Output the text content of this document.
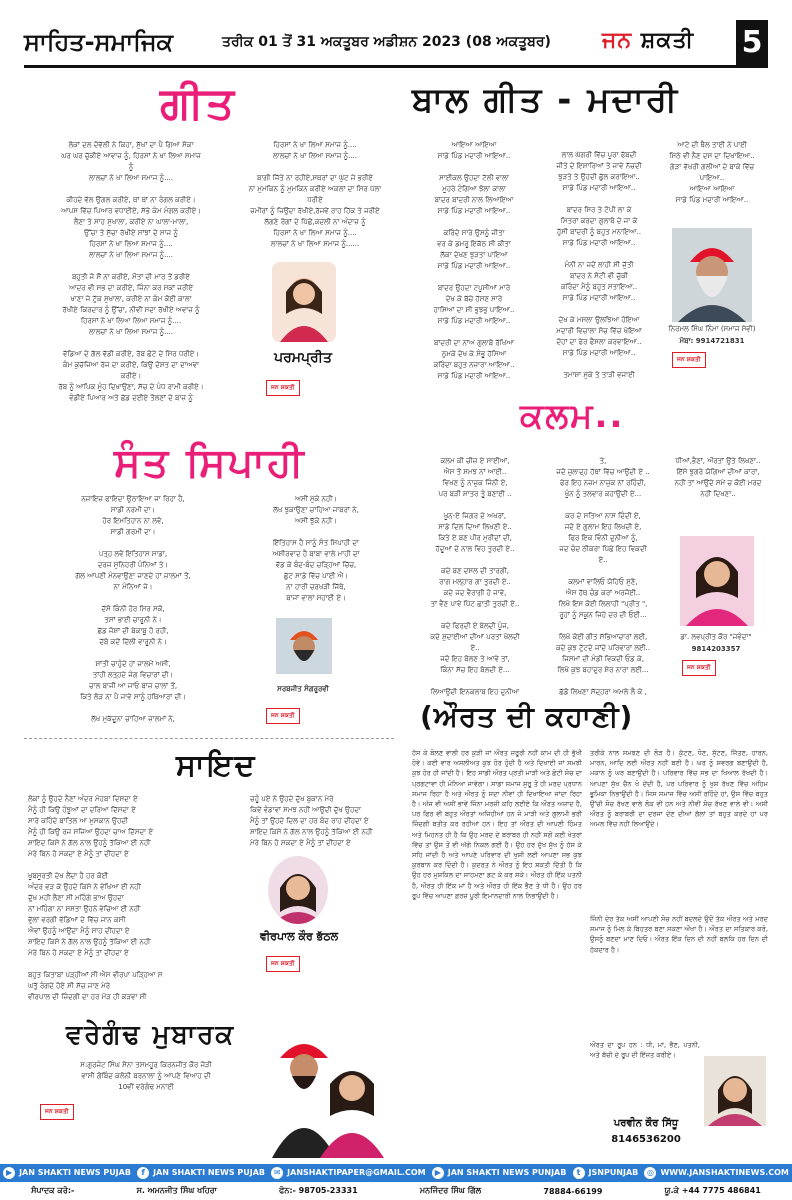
ਸਾਹਿਤ-ਸਮਾਜਿਕ	ਤਰੀਕ 01 ਤੋਂ 31 ਅਕਤੂਬਰ ਅਡੀਸ਼ਨ 2023 (08 ਅਕਤੂਬਰ) ਜਨ ਸ਼ਕਤੀ 5
ਗੀਤ
ਲੋਕਾਂ ਦਲ ਦੋਵੱਲੀ ਨੇ ਕਿਹਾ, ਸੁੱਖਾਂ ਦਾ ਪੈ ਗਿਆ ਸੋਕਾ
ਘਰ ਘਰ ਚੁੱਕੀਏ ਆਵਾਜ਼ ਨੂੰ, ਹਿਰਸਾਂ ਨੇ ਖਾ ਲਿਆ ਸਮਾਜ
ਨੂੰ
ਲਾਲਚਾਂ ਨੇ ਖਾ ਲਿਆ ਸਮਾਜ ਨੂੰ....

ਕੀਹਦੇ ਵੱਲ ਉਂਗਲ ਕਰੀਏ, ਥਾਂ ਥਾਂ ਨਾ ਰੰਗਲ ਕਰੀਏ।
ਆਪਸ ਵਿੱਚ ਪਿਆਰ ਵਧਾਈਏ, ਸੱਭੇ ਕੰਮ ਮੰਗਲ ਕਰੀਏ।
ਲੈਣਾ ਤੇ ਸਾਹ ਸੁਖਾਲਾ, ਕਰੀਏ ਨਾ ਘਾਲਾ-ਮਾਲਾ,
ਉੱਚਾ ਤੇ ਸੁੱਚਾ ਰੱਖੀਏ ਸਾਂਝਾਂ ਦੇ ਸਾਜ ਨੂੰ
ਹਿਰਸਾਂ ਨੇ ਖਾ ਲਿਆ ਸਮਾਜ ਨੂੰ....
ਲਾਲਚਾਂ ਨੇ ਖਾ ਲਿਆ ਸਮਾਜ ਨੂੰ....

ਬਹੁਤੀ ਜੋ ਸੌਂ ਨਾ ਕਰੀਏ, ਮੌਤਾਂ ਦੀ ਮਾਰ ਤੋਂ ਡਰੀਏ
ਆਦਰ ਵੀ ਸਭ ਦਾ ਕਰੀਏ, ਜਿੰਨਾ ਕਰ ਸਕਾਂ ਜਰੀਏ
ਖਾਣਾ ਜੇ ਟੁੱਕ ਸੁਖਾਲਾ, ਕਰੀਏ ਨਾ ਕੰਮ ਕੋਈ ਕਾਲਾ
ਰੱਖੀਏ ਕਿਰਦਾਰ ਨੂੰ ਉੱਚਾ, ਨੀਵੀਂ ਸਦਾ ਰੱਖੀਏ ਅਵਾਜ਼ ਨੂੰ
ਹਿਰਸਾਂ ਨੇ ਖਾ ਲਿਆ ਲਿਆ ਸਮਾਜ ਨੂੰ....
ਲਾਲਚਾਂ ਨੇ ਖਾ ਲਿਆ ਸਮਾਜ ਨੂੰ....

ਵੱਡਿਆ ਦੇ ਗੱਲ ਵੱਡੀ ਕਰੀਏ, ਰੱਬ ਛੋਟੇ ਦੇ ਸਿਰ ਧਰੀਏ।
ਕੰਮ ਕੁਚੱਜਿਆ ਰੱਜ ਦਾ ਕਰੀਏ, ਕਿਉਂ ਦੋਸ਼ਤ ਦਾ ਦਾਅਵਾ
ਕਰੀਏ।
ਰੱਬ ਨੂੰ ਆਪਿਕ ਮੂੰਹ ਦਿਖਾਉਣਾ, ਸੱਚ ਦੇ ਪੰਧ ਰਾਮੀ ਕਰੀਏ।
ਵੰਡੀਏ ਪਿਆਰ ਅਤੇ ਛੱਡ ਦਈਏ ਤੋਲਣਾਂ ਦੇ ਬਾਜ਼ ਨੂੰ
ਹਿਰਸਾਂ ਨੇ ਖਾ ਲਿਆ ਸਮਾਜ ਨੂੰ....
ਲਾਲਚਾਂ ਨੇ ਖਾ ਲਿਆ ਸਮਾਜ ਨੂੰ....

ਬਾਗੀ ਜਿੱਤੇ ਨਾ ਰਹੀਏ,ਸਥਰਾਂ ਦਾ ਘੁੱਟ ਜੇ ਭਰੀਏ
ਨਾ ਮੁਮਕਿਨ ਨੂੰ ਮੁਮਕਿਨ ਕਰੀਏ ਅਕਲਾਂ ਦਾ ਸਿਰ ਪੱਲਾ
ਧਰੀਏ
ਜ਼ਮੀਰਾਂ ਨੂੰ ਜਿਉਂਦਾ ਰੱਖੀਏ,ਰੱਜਵੇਂ ਰਾਹ ਹਿੱਕ ਤੇ ਜਰੀਏ
ਲੱਗਣੇ ਰੋਗਾਂ ਦੇ ਪਿੱਛੋਂ,ਕਦਲੀ ਨਾ ਅੰਦਾਜ਼ ਨੂੰ
ਹਿਰਸਾਂ ਨੇ ਖਾ ਲਿਆ ਸਮਾਜ ਨੂੰ....
ਲਾਲਚਾਂ ਨੇ ਖਾ ਲਿਆ ਸਮਾਜ ਨੂੰ......
ਪਰਮਪ੍ਰੀਤ
ਜਨ ਸ਼ਕਤੀ
ਬਾਲ ਗੀਤ - ਮਦਾਰੀ
ਆਇਆ ਆਇਆ
ਸਾਡੇ ਪਿੰਡ ਮਦਾਰੀ ਆਇਆ..

ਸਾਈਕਲ ਉਹਦਾ ਟੱਲੀ ਵਾਲਾ
ਮੂਹਰੇ ਟੰਗਿਆ ਝੋਲਾ ਕਾਲਾ
ਬਾਂਦਰ ਬਾਂਦਰੀ ਨਾਲ ਲਿਆਇਆ
ਸਾਡੇ ਪਿੰਡ ਮਦਾਰੀ ਆਇਆ..

ਕਰਿੰਦੇ ਸਾਰੇ ਉਸਨੂੰ ਜੀਤਾ
ਵਰ ਕੇ ਡਮਰੂ ਇਕੱਠ ਸੀ ਕੀਤਾ
ਲੱਕਾ ਦੇਖਣ ਝੁੜਤਾ ਪਾਇਆ
ਸਾਡੇ ਪਿੰਡ ਮਦਾਰੀ ਆਇਆ..

ਬਾਂਦਰ ਉਹਦਾ ਟਪੂਸੀਆਂ ਮਾਰੇ
ਦੇਖ ਕੇ ਬੱਚੇ ਹੱਸਣ ਸਾਰੇ
ਹਾਸਿਆਂ ਦਾ ਸੀ ਭੁਝਭੁ ਪਾਇਆ..
ਸਾਡੇ ਪਿੰਡ ਮਦਾਰੀ ਆਇਆ..

ਬਾਂਦਰੀ ਦਾ ਨਾਂਅ ਗੁਲਾਬੋ ਰੱਖਿਆ
ਠੁਮਕੇ ਦੇਖ ਕੇ ਸੰਭੂ ਹੱਸਿਆ
ਕਰਿੰਦਾ ਬਹੁਤ ਨਜ਼ਾਰਾ ਆਇਆ..
ਸਾਡੇ ਪਿੰਡ ਮਦਾਰੀ ਆਇਆ..
ਲਾਲ ਘੱਗਰੀ ਵਿੱਚ ਪੂਰਾ ਫੱਬਦੀ
ਜੀਤੇ ਦੇ ਇਸ਼ਾਰਿਆਂ ਤੇ ਜਾਵੇ ਨੱਚਦੀ
ਝੁੜਤੇ ਤੇ ਉਹਦੀ ਛੁੱਲ ਕਰਾਇਆ..
ਸਾਡੇ ਪਿੰਡ ਮਦਾਰੀ ਆਇਆ..

ਬਾਂਦਰ ਸਿਰ ਤੇ ਟੋਪੀ ਲਾ ਕੇ
ਮਿੱਤਰਾਂ ਕਰਦਾ ਗੁਲਾਬੋ ਦੇ ਜਾ ਕੇ
ਹੁੱਸੀ ਬਾਂਦਰੀ ਨੂੰ ਬਹੁਤ ਮਨਾਇਆ..
ਸਾਡੇ ਪਿੰਡ ਮਦਾਰੀ ਆਇਆ..

ਮੰਨੀ ਨਾ ਜਦੋਂ ਲਾਹੀ ਸੀ ਜੁੱਤੀ
ਬਾਂਦਰ ਨੇ ਸੋਟੀ ਵੀ ਚੁੱਕੀ
ਕਰਿੰਦਾ ਮੈਨੂੰ ਬਹੁਤ ਸਤਾਇਆ..
ਸਾਡੇ ਪਿੰਡ ਮਦਾਰੀ ਆਇਆ..

ਦੇਖ ਕੇ ਮਸਲਾ ਉਲਝਿਆ ਹੋਇਆ
ਮਦਾਰੀ ਵਿਚਾਲਾ ਸੋਚ ਵਿੱਚ ਖੋਇਆ
ਦੋਹਾਂ ਦਾ ਫੇਰ ਫੈਸਲਾ ਕਰਵਾਇਆ..
ਸਾਡੇ ਪਿੰਡ ਮਦਾਰੀ ਆਇਆ..

ਤਮਾਸ਼ਾ ਮੁੱਕੇ ਤੇ ਤਾੜੀ ਵਜਾਈ
ਆਟੇ ਦੀ ਥੈਲ ਤਾਈ ਨੇ ਪਾਈ
ਮਿੱਠੇ ਵੀ ਨੈਣ ਦਸ ਦਾ ਦਿਖਾਇਆ..
ਗੇੜਾ ਵੱਖਰੀ ਗਲੀਆਂ ਦੇ ਬਾਕੇ ਵਿੱਚ
ਪਾਇਆ..
ਆਇਆ ਆਇਆ
ਸਾਡੇ ਪਿੰਡ ਮਦਾਰੀ ਆਇਆ..
ਨਿਰਮਲ ਸਿੰਘ ਨਿੰਮਾ (ਸਮਾਜ ਸੇਵੀ)
ਮੋਬਾ: 9914721831
ਜਨ ਸ਼ਕਤੀ
ਸੰਤ ਸਿਪਾਹੀ
ਨਜ਼ਾਇਜ਼ ਫਾਇਦਾ ਉਠਾਇਆ ਜਾ ਰਿਹਾ ਹੈ,
ਸਾਡੀ ਨਰਮੀ ਦਾ।
ਹੋਰ ਇਮਤਿਹਾਨ ਨਾ ਲਵੋ,
ਸਾਡੀ ਗਰਮੀ ਦਾ।

ਪਤ੍ਹ ਲਵੋ ਇਤਿਹਾਸ ਸਾਡਾ,
ਦਰਜ ਸੁਨਿਹਰੀ ਪੰਨਿਆਂ ਤੇ।
ਗੱਲ ਆਪਣੀ ਮੰਨਵਾਉਣਾ ਜਾਣਦੇ ਹਾਂ ਜ਼ਾਲਮਾਂ ਤੋਂ,
ਨਾ ਮੰਨਿਆਂ ਜੇ।

ਦੱਸੋ ਕਿੰਨੀ ਹੋਰ ਸਿਰ ਸਕੋ,
ਤਸਾਂ ਭਾਈ ਚਾਰੂਨੀ ਨੇ।
ਛੱਡ ਜੋਸ਼ਾਂ ਦੀ ਬੇਕਾਬੂ ਹੋ ਰਹੀ,
ਦੱਬੋ ਕਦੋਂ ਦਿੱਲੀ ਵਾਰੂਨੀ ਨੇ।

ਸ਼ਾਂਤੀ ਚਾਹੁੰਦੇ ਹਾਂ ਜ਼ਾਲਮੋਂ ਅਸੀਂ,
ਤਾਂਹੀ ਲਤ੍ਹਦੇ ਜੰਗ ਵਿਚਾਰਾਂ ਦੀ।
ਚਾਲ ਬਾਜੀ ਆ ਜਾਓ ਬਾਜ਼ ਚਾਲਾਂ ਤੋਂ,
ਕਿਤੇ ਲੋੜ ਨਾ ਪੈ ਜਾਵੇ ਸਾਨੂੰ ਹਥਿਆਰਾਂ ਦੀ।

ਲੱਖ ਮੁਕੱਦੂਨਾ ਚਾਹਿਆ ਜ਼ਾਲਮਾਂ ਨੇ,
ਅਸੀਂ ਮੁੱਕੇ ਨਹੀਂ।
ਲੱਖ ਝੁਕਾਉਣਾ ਚਾਹਿਆ ਜਾਬਰਾਂ ਨੇ,
ਅਸੀਂ ਝੁੱਕੇ ਨਹੀਂ।

ਇੱਤਿਹਾਸ ਹੈ ਸਾਨੂੰ ਸੰਤ ਸਿਪਾਹੀ ਦਾ
ਅਸ਼ੀਰਵਾਦ ਹੈ ਬਾਬਾ ਵਾਲੇ ਮਾਹੀ ਦਾ
ਵੱਡ ਕੇ ਬੰਦ-ਬੰਦ ਚੜ੍ਹਿਆਂ ਚਿੱਚ,
ਛੁੱਟ ਸਾਡੇ ਵਿੱਚ ਪਾਈ ਐ।
ਨਾ ਹਾਰੀ ਚਰਖੜੀ ਜਿੱਥੇ,
ਬਾਜਾਂ ਵਾਲਾ ਸਹਾਈ ਏ।
ਸਰਬਜੀਤ ਸੰਗਰੂਰਵੀ
ਜਨ ਸ਼ਕਤੀ
ਕਲਮ..
ਕਲਮ ਕੀ ਚੀਜ਼ ਏ ਸਾਈਆਂ,
ਐਸ ਤੋਂ ਸਮਝ ਨਾਂ ਆਈ..
ਵਿਖਣ ਨੂੰ ਨਾਜ਼ੁਕ ਜਿੰਨੀ ਏ,
ਪਰ ਬੜੀ ਸ਼ਾਤਰ ਤੂੰ ਬਣਾਈ ..

ਖੂਨ-ਏ ਜਿਗਰ ਦੇ ਅਖਰਾਂ,
ਸਾਡੇ ਦਿਲ ਦਿਆਂ ਲਿਖਣੀ ਏ..
ਕਿਤੇ ਏ ਬਣ ਪੀਰ ਮੁਰੀਦਾਂ ਦੀ,
ਹੱਦੂਆਂ ਦੇ ਨਾਲ ਵਿਹ ਤੁਰਦੀ ਏ..

ਕਦੇ ਬਣ ਦਸਲ ਦੀ ਤਾਰਗੀ,
ਰਾਗ ਮਲ੍ਹਾਰ ਗਾ ਤੁਰਦੀ ਏ..
ਕਦੇ ਜਦ ਵੈਰਾਗੀ ਹੋ ਜਾਵੇ,
ਤਾਂ ਵੈਣ ਪਾਵੇ ਪਿੱਟ ਛਾਤੀ ਤੁਰਦੀ ਏ..

ਕਦੇ ਫਿਰਦੀ ਏ ਬੇਲਦੀ ਪੂੰਜ,
ਕਦੇ ਸ਼ੁਦਾਈਆਂ ਦੀਆਂ ਪਰਤਾਂ ਖੋਲਦੀ
ਏ..
ਜਦੋ ਇਹ ਬੋਲਣ ਤੇ ਆਵੇ ਤਾਂ,
ਕਿੰਨਾ ਸੱਚ ਇਹ ਬੋਲਦੀ ਏ...

ਲਿਆਉਂਦੀ ਇਨਕਲਾਬ ਇਹ ਦੁਨੀਆ
ਤੇ,
ਜਦੋ ਜ਼ੁਲਾਦ੍ਹ ਹੱਥਾਂ ਵਿੱਚ ਆਉਂਦੀ ਏ ..
ਫੇਰ ਇਹ ਨਜ਼ਮ ਨਾਜ਼ੁਕ ਨਾਂ ਰਹਿੰਦੀ,
ਖੂੰਨ ਨੂੰ ਤਲਵਾਰ ਕਹਾਉਂਦੀ ਏ...

ਕਰ ਦੇ ਸਤਿਆ ਨਾਸ ਦਿੰਦੀ ਏ,
ਜਦੋ ਏ ਗੁਲਾਮ ਇਹ ਲਿਖਦੀ ਏ,
ਫਿਰ ਇਕ ਵਿੰਨੀ ਦੁਨੀਆ ਨੂੰ,
ਜਦ ਚੰਦ ਠੀਕਰਾ ਪਿੱਛੇ ਇਹ ਵਿਕਦੀ
ਏ..

ਕਲਮਾਂ ਵਾਲਿਓ ਯੋਹਿਓ ਸੁਣੋ,
ਐਸ ਹੱਥ ਚੰਡ ਕਰਾਂ ਅਰਜੋਈ..
ਲਿਖੋ ਇਸ ਕੋਈ ਲਿਲਾਹੀ "ਪ੍ਰੀਤ ",
ਰੂਹਾਂ ਨੂੰ ਸਕੂਨ ਜਿਹੇ ਦਰ ਦੀ ਓਈ...

ਲਿਖੋ ਕੋਈ ਗੀਤ ਸੱਭਿਆਚਾਰਾਂ ਲਈ,
ਕਦੇ ਕੁਝ ਟੁੱਟਦੇ ਜਾਂਦੇ ਪਰਿਵਾਰਾਂ ਲਈ..
ਜਿਸਮਾਂ ਦੀ ਮੰਡੀ ਵਿਕਦੀ ਓਡ ਕੇ,
ਲਿਖੋ ਕੁਝ ਬਹਾਦੁਰ ਸ਼ੇਰ ਨਾਰਾ ਲਈ...

ਛੱਡੋ ਲਿਖਣਾ ਸੱਦ੍ਹਰਾ ਅਮਲੇ ਲੈ ਕੇ ,
ਧੀਆਂ,ਭੈਣਾਂ, ਔਰਤਾਂ ਉਤੇ ਲਿਖਣਾ..
ਇੱਸੇ ਝੁਗਰੇ ਯੋਗਿਆਂ ਦੀਆਂ ਕਾਰਾਂ,
ਨਹੀਂ ਤਾਂ ਆਉਂਦੇ ਸਮੇਂ ਚ ਕੋਈ ਮਰਦ
ਨਹੀਂ ਦਿਖਣਾ..
ਡਾ. ਲਵਪ੍ਰੀਤ ਕੌਰ "ਜਵੰਦਾ"
9814203357
ਜਨ ਸ਼ਕਤੀ
ਸਾਇਦ
ਲੋਕਾਂ ਨੂੰ ਉਹਦੇ ਨੈਣਾਂ ਅੰਦਰ ਮੋਹਬਾ ਦਿਸਦਾ ਏ
ਮੈਨੂੰ ਹੀ ਕਿਉਂ ਹੰਝੂਆਂ ਦਾ ਦਰਿਆ ਦਿੱਸਦਾ ਏ
ਸਾਰੇ ਕਹਿੰਦੇ ਬਾਤਿਲ ਆ ਮੁਸਕਾਨ ਉਹਦੀ
ਮੈਨੂੰ ਹੀ ਕਿਉਂ ਰਜ ਸਜਿਆ ਉਹਦਾ ਚਾਅ ਦਿੱਸਦਾ ਏ
ਸ਼ਾਇਦ ਕਿਸੇ ਨੇ ਗੱਲ ਨਾਲ ਉਹਨੂੰ ਤੱਕਿਆ ਈ ਨਹੀਂ
ਮੇਰੇ ਬਿਨ ਹੋ ਸਕਦਾ ਏ ਮੈਨੂੰ ਤਾਂ ਦੀਂਹਦਾ ਏ

ਖੂਬਸੂਰਤੀ ਦੇਖ ਲੈਂਦਾ ਹੈ ਹਰ ਕੋਈ
ਅੰਦਰ ਵੜ ਕੇ ਉਹਦੇ ਕਿਸੇ ਨੇ ਵੇਖਿਆ ਈ ਨਹੀਂ
ਦੁੱਖ ਮਹੀਂ ਲੈਣਾ ਸੀ ਮਹਿੰਗੇ ਭਾਅ ਉਹਦਾ
ਨਾਂ ਮਹਿੰਗਾ ਨਾ ਸਸਤਾ ਉਹਨੇ ਵੇਚਿਆ ਈ ਨਹੀਂ
ਵੁੱਲਾਂ ਵਰਗੀ ਵੱਡਿਆਂ ਦੇ ਵਿੱਚ ਜਾਨ ਕਸੀ
ਐਵਾਂ ਉਹਨੂੰ ਆਉਂਦਾ ਮੈਨੂੰ ਸਾਹ ਦੀਂਹਦਾ ਏ
ਸ਼ਾਇਦ ਕਿਸੇ ਨੇ ਗੱਲ ਨਾਲ ਉਹਨੂੰ ਤੱਕਿਆ ਈ ਨਹੀਂ
ਮੇਰੇ ਬਿਨ ਹੋ ਸਕਦਾ ਏ ਮੈਨੂੰ ਤਾਂ ਦੀਂਹਦਾ ਏ

ਬਹੁਤ ਕਿਤਾਬਾਂ ਪੜ੍ਹੀਆਂ ਸੀ ਐਸ ਵੀਰਪਾ ਪੜ੍ਹਿਆ ਸ
ਘਤੁੱ ਰੰਗਦੇ ਹੋਏ ਸੀ ਸੱਚ ਜਾਣ ਮੇਰੇ
ਵੀਰਪਾਲ ਦੀ ਜ਼ਿੰਦਗੀ ਦਾ ਹਰ ਮੋੜ ਹੀ ਕੜਵਾ ਸੀ
ਚਹੂੰ ਪਏ ਨੇ ਉਹਦੇ ਦੁੱਖ ਬੁਕਾਨ ਮੇਰੇ
ਕਿਵੇਂ ਵੰਡਾਵਾਂ ਸਮਝ ਨਹੀਂ ਆਉਂਦੀ ਦੁੱਖ ਉਹਦਾ
ਮੈਨੂੰ ਤਾਂ ਉਹਦੇ ਦਿਲ ਦਾ ਹਰ ਬੰਦ ਰਾਹ ਦੀਂਹਦਾ ਏ
ਸ਼ਾਇਦ ਕਿਸੇ ਨੇ ਗੱਲ ਨਾਲ ਉਹਨੂੰ ਤੱਕਿਆ ਈ ਨਹੀਂ
ਮੇਰੇ ਬਿਨ ਹੋ ਸਕਦਾ ਏ ਮੈਨੂੰ ਤਾਂ ਦੀਂਹਦਾ ਏ
ਵੀਰਪਾਲ ਕੌਰ ਭੱਠਲ
ਜਨ ਸ਼ਕਤੀ
ਵਰੇਗੰਢ ਮੁਬਾਰਕ
ਸ:ਗੁਰਜੰਟ ਸਿੰਘ ਸੋਨਾ ਤਸਮਹੂਰ ਕਿਰਨਜੀਤ ਕੌਰ ਜੋੜੀ
ਵਾਸੀ ਗੋਬਿੰਦ ਕਲੋਨੀ ਬਰਨਾਲਾ ਨੂੰ ਆਪਣੇ ਵਿਆਹ ਦੀ
10ਵੀਂ ਵਰੇਗੰਢ ਮਨਾਈ
ਜਨ ਸ਼ਕਤੀ
(ਔਰਤ ਦੀ ਕਹਾਣੀ)
ਹੱਸ ਕੇ ਬੋਲਣ ਵਾਲੀ ਹਰ ਕੁੜੀ ਜਾਂ ਔਰਤ ਜ਼ਰੂਰੀ ਨਹੀਂ ਕਾਮ ਦੀ ਹੀ ਭੁੱਖੀ ਹੋਵੇ। ਕਈ ਵਾਰ ਅਸਲੀਅਤ ਕੁਝ ਹੋਰ ਹੁੰਦੀ ਹੈ ਅਤੇ ਦਿਖਾਈ ਜਾਂ ਸਮਝੀ ਕੁਝ ਹੋਰ ਹੀ ਜਾਂਦੀ ਹੈ। ਇਹ ਸਾਡੀ ਔਰਤ ਪ੍ਰਤੀ ਮਾੜੀ ਅਤੇ ਛੋਟੀ ਸੋਚ ਦਾ ਪ੍ਰਗਟਾਵਾ ਹੀ ਮੰਨਿਆ ਜਾਵੇਗਾ। ਸਾਡਾ ਸਮਾਜ ਸ਼ੁਰੂ ਤੋਂ ਹੀ ਮਰਦ ਪ੍ਰਧਾਨ ਸਮਾਜ ਰਿਹਾ ਹੈ ਅਤੇ ਔਰਤ ਨੂੰ ਸਦਾ ਨੀਵਾਂ ਹੀ ਦਿਖਾਇਆ ਜਾਂਦਾ ਰਿਹਾ ਹੈ। ਅੱਜ ਵੀ ਅਸੀਂ ਭਾਵੇਂ ਜਿੰਨਾ ਮਰਜ਼ੀ ਕਹਿ ਲਈਏ ਕਿ ਔਰਤ ਅਜ਼ਾਦ ਹੈ, ਪਰ ਫਿਰ ਵੀ ਬਹੁਤ ਔਰਤਾਂ ਅਜਿਹੀਆਂ ਹਨ ਜੋ ਮਾੜੀ ਅਤੇ ਗੁਲਾਮੀ ਭਰੀ ਜ਼ਿੰਦਗੀ ਬਤੀਤ ਕਰ ਰਹੀਆਂ ਹਨ। ਇਹ ਤਾਂ ਔਰਤ ਦੀ ਆਪਣੀ ਹਿੰਮਤ ਅਤੇ ਮਿਹਨਤ ਹੀ ਹੈ ਕਿ ਉਹ ਮਰਦ ਦੇ ਬਰਾਬਰ ਹੀ ਨਹੀਂ ਸਗੋਂ ਕਈ ਖੇਤਰਾਂ ਵਿੱਚ ਤਾਂ ਉਸ ਤੋਂ ਵੀ ਅੱਗੇ ਨਿਕਲ ਗਈ ਹੈ। ਉਹ ਹਰ ਦੁੱਖ ਸੁੱਖ ਨੂੰ ਹੱਸ ਕੇ ਸਹਿ ਜਾਂਦੀ ਹੈ ਅਤੇ ਆਪਣੇ ਪਰਿਵਾਰ ਦੀ ਖੁਸ਼ੀ ਲਈ ਆਪਣਾ ਸਭ ਕੁਝ ਕੁਰਬਾਨ ਕਰ ਦਿੰਦੀ ਹੈ। ਕੁਦਰਤ ਨੇ ਔਰਤ ਨੂੰ ਇਹ ਸ਼ਕਤੀ ਦਿੱਤੀ ਹੈ ਕਿ ਉਹ ਹਰ ਮੁਸ਼ਕਿਲ ਦਾ ਸਾਹਮਣਾ ਡਟ ਕੇ ਕਰ ਸਕੇ। ਔਰਤ ਹੀ ਇੱਕ ਪਤਨੀ ਹੈ, ਔਰਤ ਹੀ ਇੱਕ ਮਾਂ ਹੈ ਅਤੇ ਔਰਤ ਹੀ ਇੱਕ ਭੈਣ ਤੇ ਧੀ ਹੈ। ਉਹ ਹਰ ਰੂਪ ਵਿੱਚ ਆਪਣਾ ਫ਼ਰਜ਼ ਪੂਰੀ ਇਮਾਨਦਾਰੀ ਨਾਲ ਨਿਭਾਉਂਦੀ ਹੈ।
ਤਰੀਕੇ ਨਾਲ ਸਮਝਣ ਦੀ ਲੋੜ ਹੈ। ਕੁੱਟਣ, ਧੋਣ, ਸੁੱਟਣ, ਜਿੱਤਣ, ਹਾਰਨ, ਮਾਰਨ, ਆਦਿ ਲਈ ਔਰਤ ਨਹੀਂ ਬਣੀ ਹੈ। ਘਰ ਨੂੰ ਸਵਰਗ ਬਣਾਉਂਦੀ ਹੈ, ਮਕਾਨ ਨੂੰ ਘਰ ਬਣਾਉਂਦੀ ਹੈ। ਪਰਿਵਾਰ ਵਿੱਚ ਸਭ ਦਾ ਖਿਆਲ ਰੱਖਦੀ ਹੈ। ਆਪਣਾ ਸੁੱਖ ਚੈਨ ਖੋ ਦੇਂਦੀ ਹੈ, ਪਰ ਪਰਿਵਾਰ ਨੂੰ ਖੁਸ਼ ਰੱਖਣ ਵਿੱਚ ਅਹਿਮ ਭੂਮਿਕਾ ਨਿਭਾਉਂਦੀ ਹੈ। ਜਿਸ ਸਮਾਜ ਵਿੱਚ ਅਸੀਂ ਰਹਿੰਦੇ ਹਾਂ, ਉਸ ਵਿੱਚ ਬਹੁਤ ਉੱਚੀ ਸੋਚ ਰੱਖਣ ਵਾਲੇ ਲੋਕ ਵੀ ਹਨ ਅਤੇ ਨੀਵੀਂ ਸੋਚ ਰੱਖਣ ਵਾਲੇ ਵੀ। ਅਸੀਂ ਔਰਤ ਨੂੰ ਬਰਾਬਰੀ ਦਾ ਦਰਜਾ ਦੇਣ ਦੀਆਂ ਗੱਲਾਂ ਤਾਂ ਬਹੁਤ ਕਰਦੇ ਹਾਂ ਪਰ ਅਮਲ ਵਿੱਚ ਨਹੀਂ ਲਿਆਉਂਦੇ।
ਜਿੰਨੀ ਦੇਰ ਤੱਕ ਅਸੀਂ ਆਪਣੀ ਸੋਚ ਨਹੀਂ ਬਦਲਦੇ ਉਦੋਂ ਤੱਕ ਔਰਤ ਅਤੇ ਮਰਦ ਸਮਾਜ ਨੂੰ ਮਿਲ ਕੇ ਬਿਹਤਰ ਬਣਾ ਸਕਣਾ ਔਖਾ ਹੈ। ਔਰਤ ਦਾ ਸਤਿਕਾਰ ਕਰੋ, ਉਸਨੂੰ ਬਣਦਾ ਮਾਣ ਦਿਓ। ਔਰਤ ਇੱਕ ਦਿਨ ਦੀ ਨਹੀਂ ਬਲਕਿ ਹਰ ਦਿਨ ਦੀ ਹੱਕਦਾਰ ਹੈ।
ਔਰਤ ਦਾ ਰੂਪ ਹਨ : ਧੀ, ਮਾਂ, ਭੈਣ, ਪਤਨੀ, ਅਤੇ ਬੱਚੀ ਦੇ ਰੂਪ ਦੀ ਇੱਜ਼ਤ ਕਰੀਏ।
ਪਰਵੀਨ ਕੌਰ ਸਿੱਧੂ
8146536200
▶ JAN SHAKTI NEWS PUJAB	f JAN SHAKTI NEWS PUJAB	✉ JANSHAKTIPAPER@GMAIL.COM	▶ JAN SHAKTI NEWS PUNJAB	t JSNPUNJAB	◎ WWW.JANSHAKTINEWS.COM
ਸੰਪਾਦਕ ਕਰੋ:-	ਸ. ਅਮਨਜੀਤ ਸਿੰਘ ਖਹਿਰਾ	ਫੋਨ:- 98705-23331	ਮਨਜਿੰਦਰ ਸਿੰਘ ਗਿੱਲ	78884-66199	ਯੂ.ਕੇ +44 7775 486841
